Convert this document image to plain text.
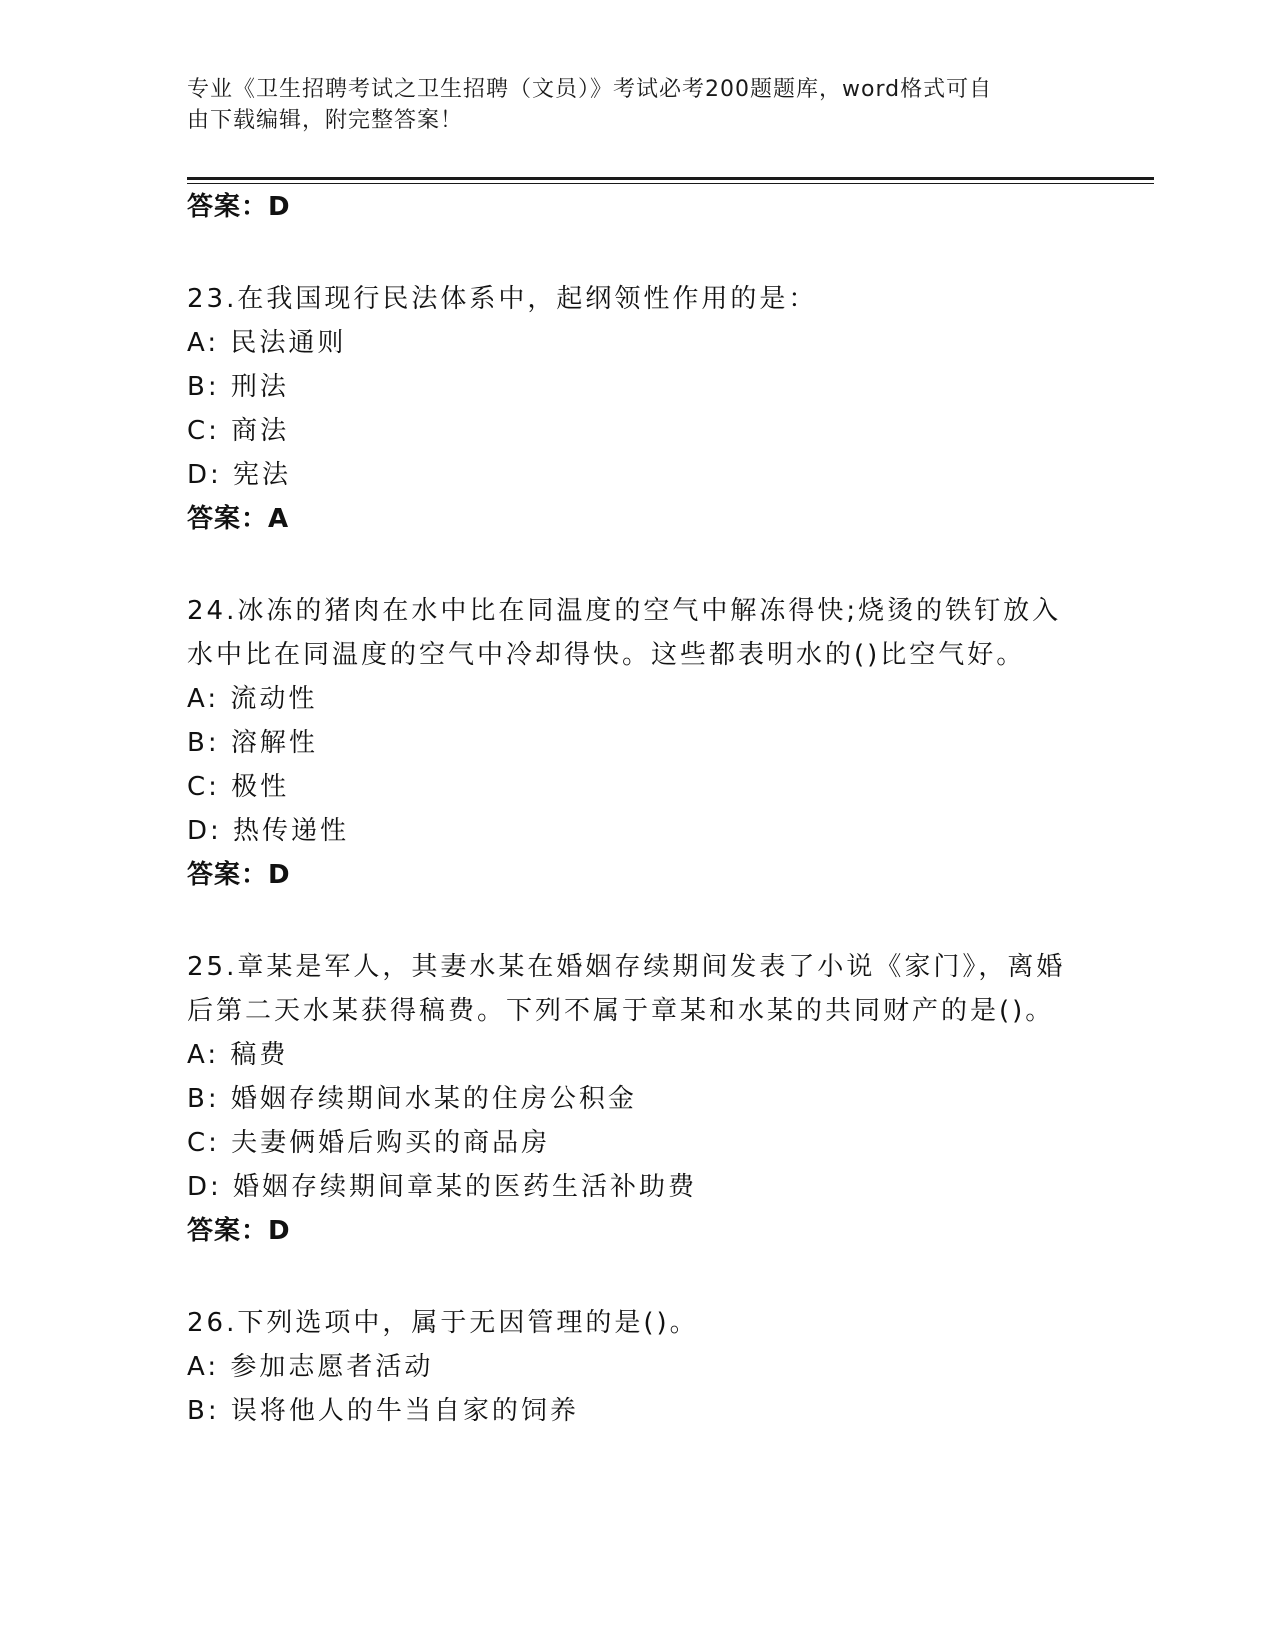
专业《卫生招聘考试之卫生招聘（文员）》考试必考200题题库，word格式可自
由下载编辑，附完整答案！
答案：D
23.在我国现行民法体系中，起纲领性作用的是：
A: 民法通则
B: 刑法
C: 商法
D: 宪法
答案：A
24.冰冻的猪肉在水中比在同温度的空气中解冻得快;烧烫的铁钉放入
水中比在同温度的空气中冷却得快。这些都表明水的()比空气好。
A: 流动性
B: 溶解性
C: 极性
D: 热传递性
答案：D
25.章某是军人，其妻水某在婚姻存续期间发表了小说《家门》，离婚
后第二天水某获得稿费。下列不属于章某和水某的共同财产的是()。
A: 稿费
B: 婚姻存续期间水某的住房公积金
C: 夫妻俩婚后购买的商品房
D: 婚姻存续期间章某的医药生活补助费
答案：D
26.下列选项中，属于无因管理的是()。
A: 参加志愿者活动
B: 误将他人的牛当自家的饲养
